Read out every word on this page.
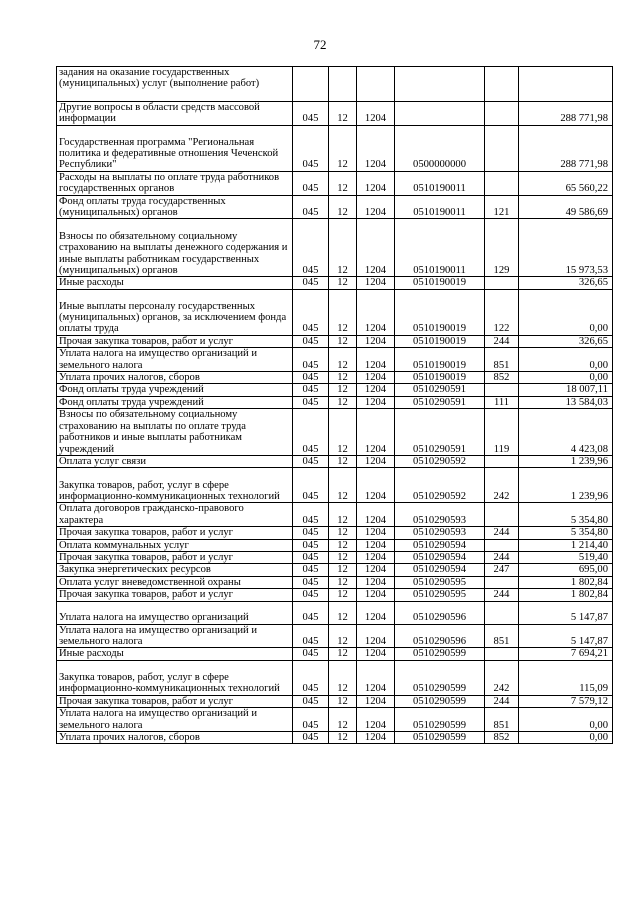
72
задания на оказание государственных (муниципальных) услуг (выполнение работ)						
Другие вопросы в области средств массовой информации	045	12	1204			288 771,98
Государственная программа "Региональная политика и федеративные отношения Чеченской Республики"	045	12	1204	0500000000		288 771,98
Расходы на выплаты по оплате труда работников государственных органов	045	12	1204	0510190011		65 560,22
Фонд оплаты труда государственных (муниципальных) органов	045	12	1204	0510190011	121	49 586,69
Взносы по обязательному социальному страхованию на выплаты денежного содержания и иные выплаты работникам государственных (муниципальных) органов	045	12	1204	0510190011	129	15 973,53
Иные расходы	045	12	1204	0510190019		326,65
Иные выплаты персоналу государственных (муниципальных) органов, за исключением фонда оплаты труда	045	12	1204	0510190019	122	0,00
Прочая закупка товаров, работ и услуг	045	12	1204	0510190019	244	326,65
Уплата налога на имущество организаций и земельного налога	045	12	1204	0510190019	851	0,00
Уплата прочих налогов, сборов	045	12	1204	0510190019	852	0,00
Фонд оплаты труда учреждений	045	12	1204	0510290591		18 007,11
Фонд оплаты труда учреждений	045	12	1204	0510290591	111	13 584,03
Взносы по обязательному социальному страхованию на выплаты по оплате труда работников и иные выплаты работникам учреждений	045	12	1204	0510290591	119	4 423,08
Оплата услуг связи	045	12	1204	0510290592		1 239,96
Закупка товаров, работ, услуг в сфере информационно-коммуникационных технологий	045	12	1204	0510290592	242	1 239,96
Оплата договоров гражданско-правового характера	045	12	1204	0510290593		5 354,80
Прочая закупка товаров, работ и услуг	045	12	1204	0510290593	244	5 354,80
Оплата коммунальных услуг	045	12	1204	0510290594		1 214,40
Прочая закупка товаров, работ и услуг	045	12	1204	0510290594	244	519,40
Закупка энергетических ресурсов	045	12	1204	0510290594	247	695,00
Оплата услуг вневедомственной охраны	045	12	1204	0510290595		1 802,84
Прочая закупка товаров, работ и услуг	045	12	1204	0510290595	244	1 802,84
Уплата налога на имущество организаций	045	12	1204	0510290596		5 147,87
Уплата налога на имущество организаций и земельного налога	045	12	1204	0510290596	851	5 147,87
Иные расходы	045	12	1204	0510290599		7 694,21
Закупка товаров, работ, услуг в сфере информационно-коммуникационных технологий	045	12	1204	0510290599	242	115,09
Прочая закупка товаров, работ и услуг	045	12	1204	0510290599	244	7 579,12
Уплата налога на имущество организаций и земельного налога	045	12	1204	0510290599	851	0,00
Уплата прочих налогов, сборов	045	12	1204	0510290599	852	0,00
